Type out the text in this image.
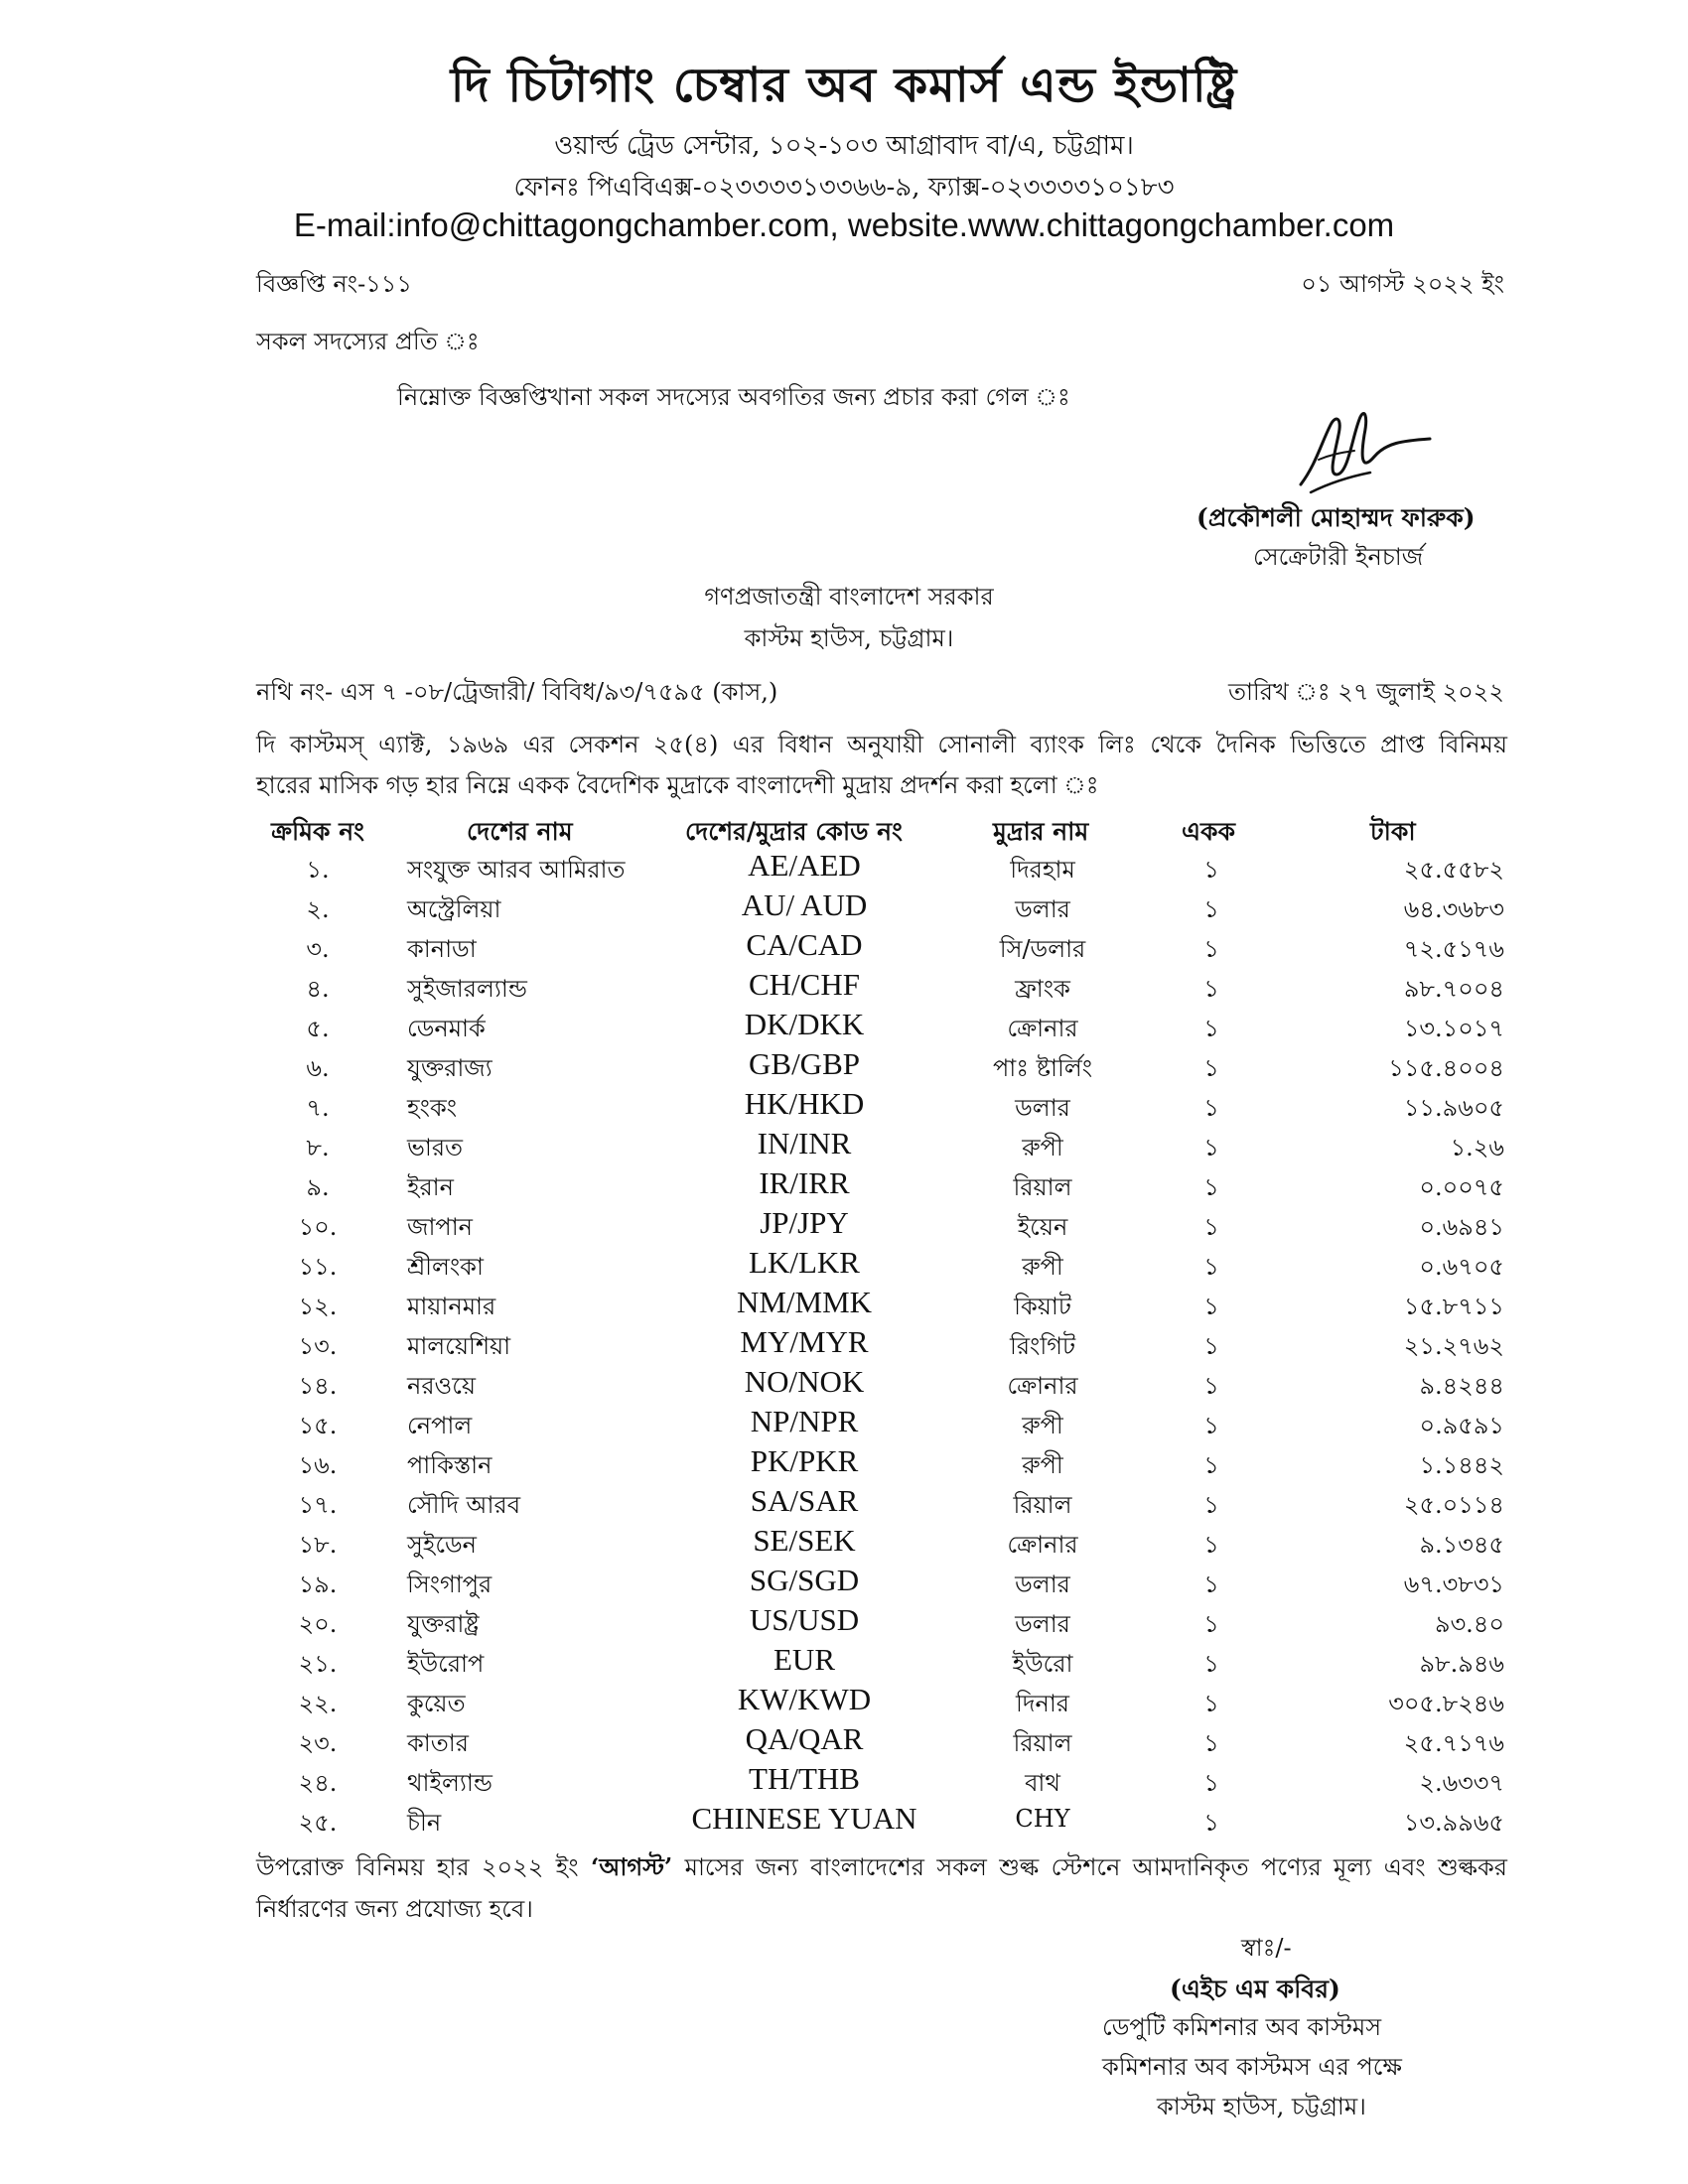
দি চিটাগাং চেম্বার অব কমার্স এন্ড ইন্ডাষ্ট্রি
ওয়ার্ল্ড ট্রেড সেন্টার, ১০২-১০৩ আগ্রাবাদ বা/এ, চট্টগ্রাম।
ফোনঃ পিএবিএক্স-০২৩৩৩৩১৩৩৬৬-৯, ফ্যাক্স-০২৩৩৩৩১০১৮৩
E-mail:info@chittagongchamber.com, website.www.chittagongchamber.com
বিজ্ঞপ্তি নং-১১১	০১ আগস্ট ২০২২ ইং
সকল সদস্যের প্রতি ঃ
নিম্নোক্ত বিজ্ঞপ্তিখানা সকল সদস্যের অবগতির জন্য প্রচার করা গেল ঃ
(প্রকৌশলী মোহাম্মদ ফারুক)
সেক্রেটারী ইনচার্জ
গণপ্রজাতন্ত্রী বাংলাদেশ সরকার
কাস্টম হাউস, চট্টগ্রাম।
নথি নং- এস ৭ -০৮/ট্রেজারী/ বিবিধ/৯৩/৭৫৯৫ (কাস,)	তারিখ ঃ ২৭ জুলাই ২০২২
দি কাস্টমস্ এ্যাক্ট, ১৯৬৯ এর সেকশন ২৫(৪) এর বিধান অনুযায়ী সোনালী ব্যাংক লিঃ থেকে দৈনিক ভিত্তিতে প্রাপ্ত বিনিময়
হারের মাসিক গড় হার নিম্নে একক বৈদেশিক মুদ্রাকে বাংলাদেশী মুদ্রায় প্রদর্শন করা হলো ঃ
ক্রমিক নং	দেশের নাম	দেশের/মুদ্রার কোড নং	মুদ্রার নাম	একক	টাকা
১.	সংযুক্ত আরব আমিরাত	AE/AED	দিরহাম	১	২৫.৫৫৮২
২.	অস্ট্রেলিয়া	AU/ AUD	ডলার	১	৬৪.৩৬৮৩
৩.	কানাডা	CA/CAD	সি/ডলার	১	৭২.৫১৭৬
৪.	সুইজারল্যান্ড	CH/CHF	ফ্রাংক	১	৯৮.৭০০৪
৫.	ডেনমার্ক	DK/DKK	ক্রোনার	১	১৩.১০১৭
৬.	যুক্তরাজ্য	GB/GBP	পাঃ ষ্টার্লিং	১	১১৫.৪০০৪
৭.	হংকং	HK/HKD	ডলার	১	১১.৯৬০৫
৮.	ভারত	IN/INR	রুপী	১	১.২৬
৯.	ইরান	IR/IRR	রিয়াল	১	০.০০৭৫
১০.	জাপান	JP/JPY	ইয়েন	১	০.৬৯৪১
১১.	শ্রীলংকা	LK/LKR	রুপী	১	০.৬৭০৫
১২.	মায়ানমার	NM/MMK	কিয়াট	১	১৫.৮৭১১
১৩.	মালয়েশিয়া	MY/MYR	রিংগিট	১	২১.২৭৬২
১৪.	নরওয়ে	NO/NOK	ক্রোনার	১	৯.৪২৪৪
১৫.	নেপাল	NP/NPR	রুপী	১	০.৯৫৯১
১৬.	পাকিস্তান	PK/PKR	রুপী	১	১.১৪৪২
১৭.	সৌদি আরব	SA/SAR	রিয়াল	১	২৫.০১১৪
১৮.	সুইডেন	SE/SEK	ক্রোনার	১	৯.১৩৪৫
১৯.	সিংগাপুর	SG/SGD	ডলার	১	৬৭.৩৮৩১
২০.	যুক্তরাষ্ট্র	US/USD	ডলার	১	৯৩.৪০
২১.	ইউরোপ	EUR	ইউরো	১	৯৮.৯৪৬
২২.	কুয়েত	KW/KWD	দিনার	১	৩০৫.৮২৪৬
২৩.	কাতার	QA/QAR	রিয়াল	১	২৫.৭১৭৬
২৪.	থাইল্যান্ড	TH/THB	বাথ	১	২.৬৩৩৭
২৫.	চীন	CHINESE YUAN	CHY	১	১৩.৯৯৬৫
উপরোক্ত বিনিময় হার ২০২২ ইং ‘আগস্ট’ মাসের জন্য বাংলাদেশের সকল শুল্ক স্টেশনে আমদানিকৃত পণ্যের মূল্য এবং শুল্ককর নির্ধারণের জন্য প্রযোজ্য হবে।
স্বাঃ/-
(এইচ এম কবির)
ডেপুটি কমিশনার অব কাস্টমস
কমিশনার অব কাস্টমস এর পক্ষে
কাস্টম হাউস, চট্টগ্রাম।
